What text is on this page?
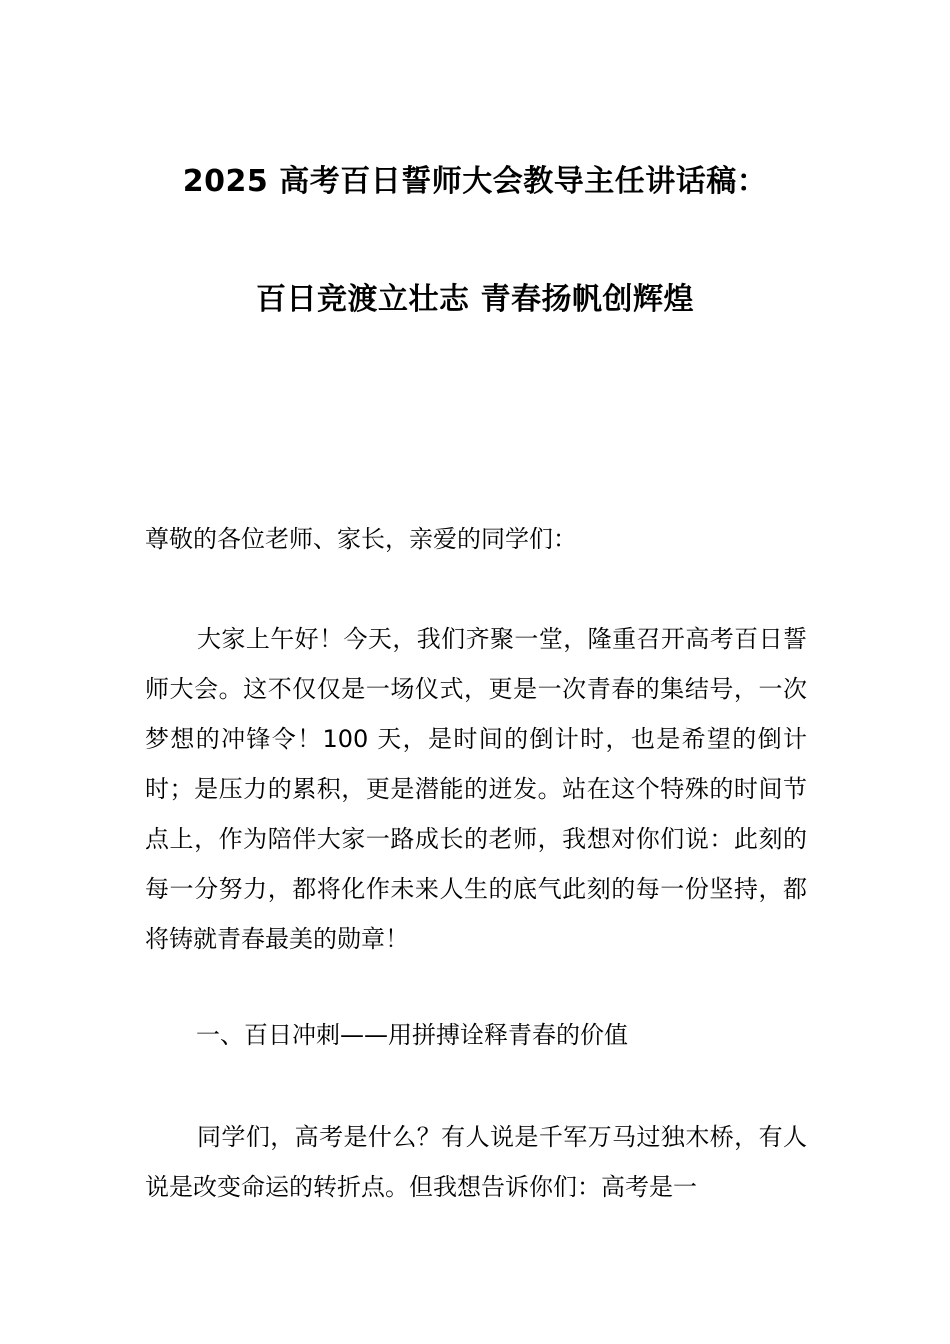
2025 高考百日誓师大会教导主任讲话稿：
百日竞渡立壮志 青春扬帆创辉煌
尊敬的各位老师、家长，亲爱的同学们：
大家上午好！今天，我们齐聚一堂，隆重召开高考百日誓师大会。这不仅仅是一场仪式，更是一次青春的集结号，一次梦想的冲锋令！100 天，是时间的倒计时，也是希望的倒计时；是压力的累积，更是潜能的迸发。站在这个特殊的时间节点上，作为陪伴大家一路成长的老师，我想对你们说：此刻的每一分努力，都将化作未来人生的底气此刻的每一份坚持，都将铸就青春最美的勋章！
一、百日冲刺——用拼搏诠释青春的价值
同学们，高考是什么？有人说是千军万马过独木桥，有人说是改变命运的转折点。但我想告诉你们：高考是一
